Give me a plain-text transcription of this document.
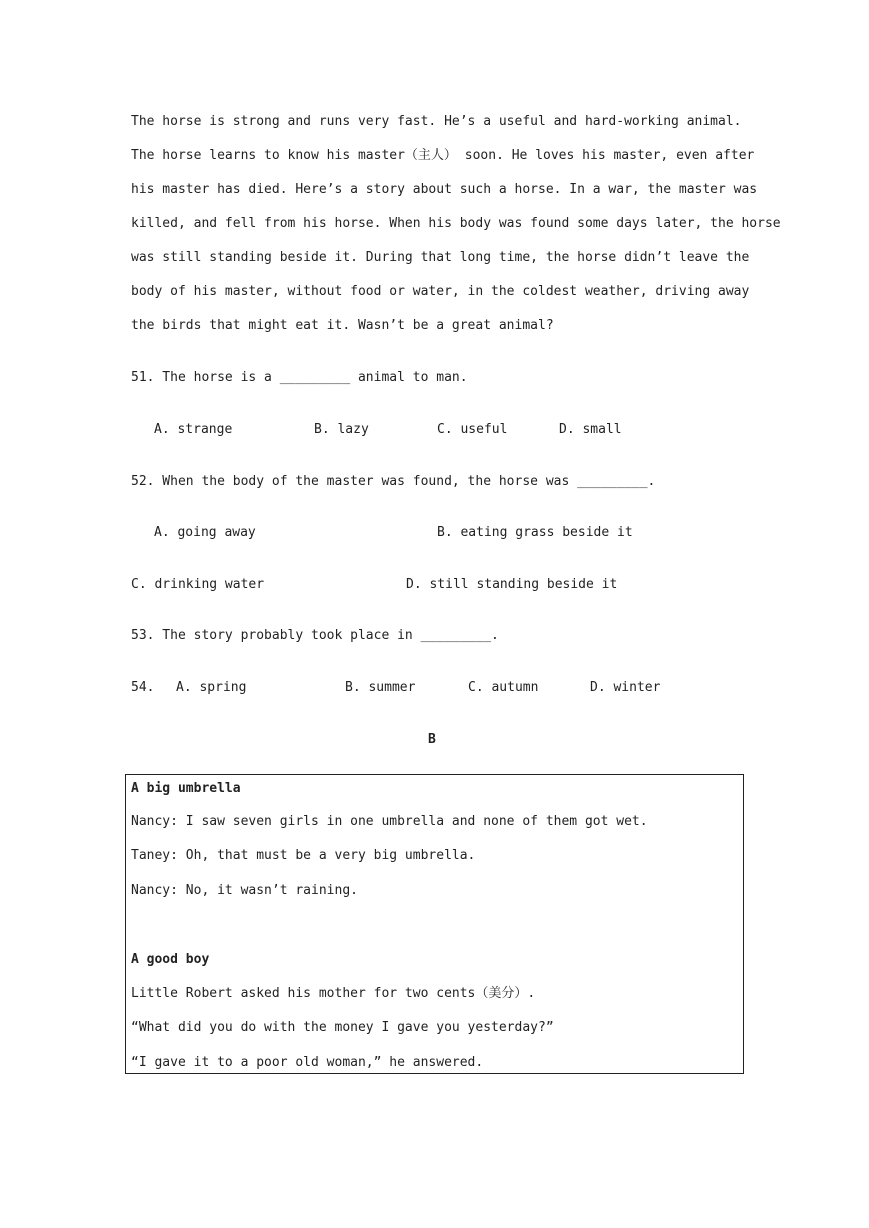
The horse is strong and runs very fast. He’s a useful and hard-working animal.
The horse learns to know his master（主人） soon. He loves his master, even after
his master has died. Here’s a story about such a horse. In a war, the master was
killed, and fell from his horse. When his body was found some days later, the horse
was still standing beside it. During that long time, the horse didn’t leave the
body of his master, without food or water, in the coldest weather, driving away
the birds that might eat it. Wasn’t be a great animal?
51. The horse is a _________ animal to man.
A. strange	B. lazy	C. useful	D. small
52. When the body of the master was found, the horse was _________.
A. going away	B. eating grass beside it
C. drinking water	D. still standing beside it
53. The story probably took place in _________.
54. A. spring	B. summer	C. autumn	D. winter
B
A big umbrella
Nancy: I saw seven girls in one umbrella and none of them got wet.
Taney: Oh, that must be a very big umbrella.
Nancy: No, it wasn’t raining.
A good boy
Little Robert asked his mother for two cents（美分）.
“What did you do with the money I gave you yesterday?”
“I gave it to a poor old woman,” he answered.
